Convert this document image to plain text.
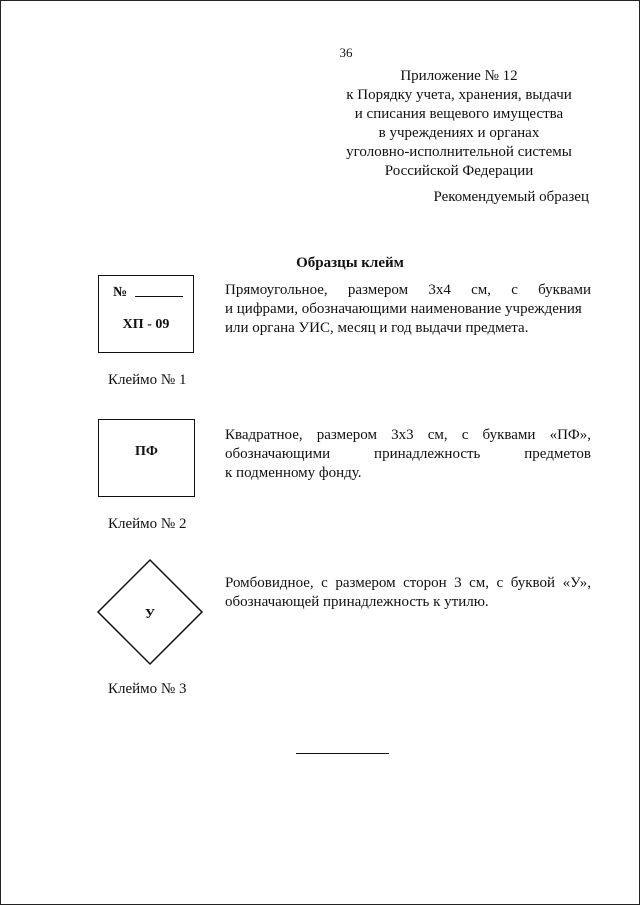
36
Приложение № 12
к Порядку учета, хранения, выдачи
и списания вещевого имущества
в учреждениях и органах
уголовно-исполнительной системы
Российской Федерации
Рекомендуемый образец
Образцы клейм
№
ХП - 09
Прямоугольное, размером 3х4 см, с буквами
и цифрами, обозначающими наименование учреждения
или органа УИС, месяц и год выдачи предмета.
Клеймо № 1
ПФ
Квадратное, размером 3х3 см, с буквами «ПФ»,
обозначающими принадлежность предметов
к подменному фонду.
Клеймо № 2
У
Ромбовидное, с размером сторон 3 см, с буквой «У»,
обозначающей принадлежность к утилю.
Клеймо № 3
